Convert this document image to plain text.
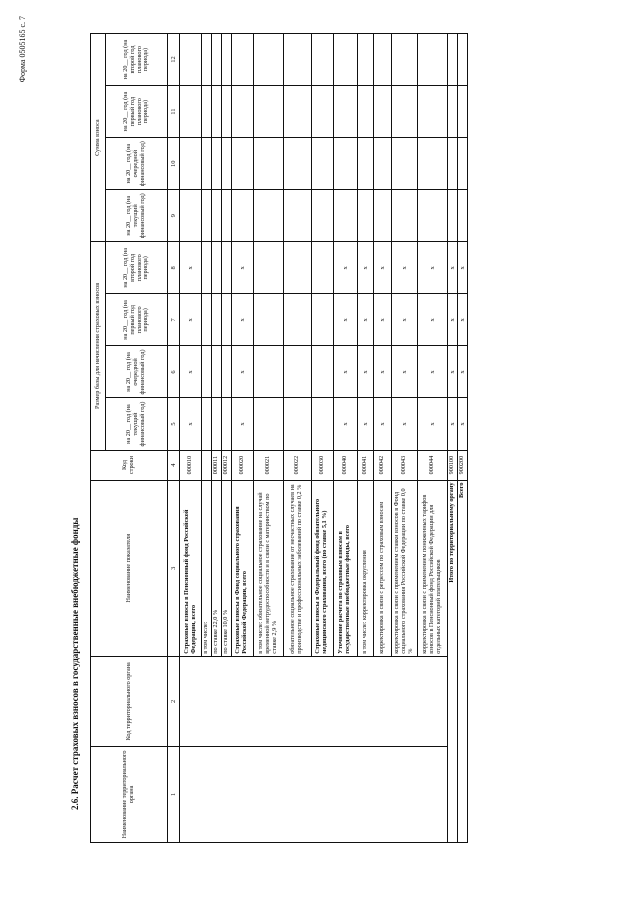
Форма 0505165 с. 7
2.6. Расчет страховых взносов в государственные внебюджетные фонды	Наименование территориального органа	Код территориального органа	Наименование показателя	Код строки	Размер базы для начисления страховых взносов				Сумма взноса			
				на 20__ год (на текущий финансовый год)	на 20__ год (на очередной финансовый год)	на 20__ год (на первый год планового периода)	на 20__ год (на второй год планового периода)	на 20__ год (на текущий финансовый год)	на 20__ год (на очередной финансовый год)	на 20__ год (на первый год планового периода)	на 20__ год (на второй год планового периода)
1	2	3	4	5	6	7	8	9	10	11	12
		Страховые взносы в Пенсионный фонд Российской Федерации, всего	000010	x	x	x	x				
		в том числе:									
		по ставке 22,0 %	000011								
		по ставке 10,0 %	000012								
		Страховые взносы в Фонд социального страхования Российской Федерации, всего	000020	x	x	x	x				
		в том числе: обязательное социальное страхование на случай временной нетрудоспособности и в связи с материнством по ставке 2,9 %	000021								
		обязательное социальное страхование от несчастных случаев на производстве и профессиональных заболеваний по ставке 0,2 %	000022								
		Страховые взносы в Федеральный фонд обязательного медицинского страхования, всего (по ставке 5,1 %)	000030								
		Уточнение расчета по страховым взносам в государственные внебюджетные фонды, всего	000040	x	x	x	x				
		в том числе: корректировка округления	000041	x	x	x	x				
		корректировка в связи с регрессом по страховым взносам	000042	x	x	x	x				
		корректировка в связи с применением ставки взносов в Фонд социального страхования Российской Федерации по ставке 0,0 %	000043	x	x	x	x				
		корректировка в связи с применением пониженных тарифов взносов в Пенсионный фонд Российской Федерации для отдельных категорий плательщиков	000044	x	x	x	x				
Итого по территориальному органу			900100	x	x	x	x				
Всего			900200	x	x	x	x				
